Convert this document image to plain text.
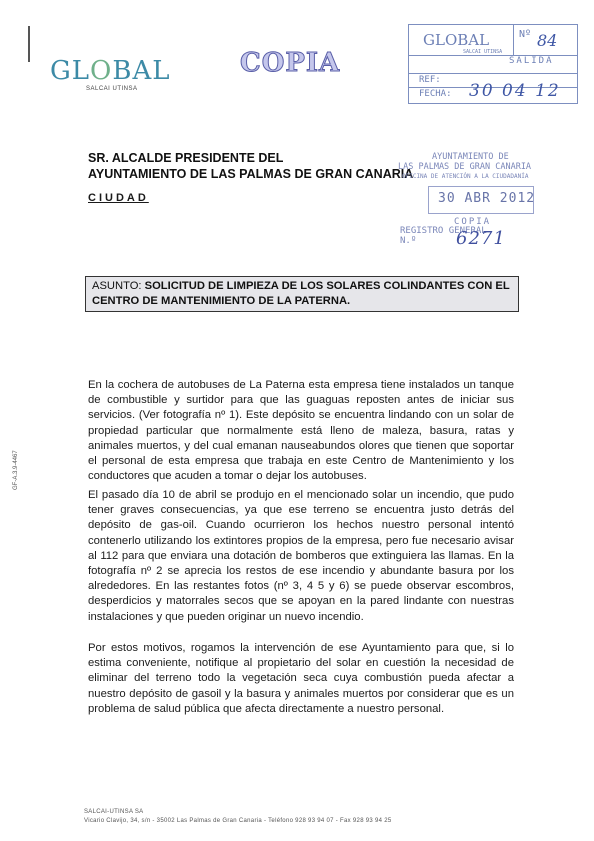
GLOBAL
SALCAI UTINSA
COPIA
GLOBAL
SALCAI UTINSA
Nº 84
SALIDA
REF:
FECHA: 30 04 12
SR. ALCALDE PRESIDENTE DEL
AYUNTAMIENTO DE LAS PALMAS DE GRAN CANARIA
CIUDAD
AYUNTAMIENTO DE
LAS PALMAS DE GRAN CANARIA
OFICINA DE ATENCIÓN A LA CIUDADANÍA
30 ABR 2012
COPIA
REGISTRO GENERAL
N.º 6271
ASUNTO: SOLICITUD DE LIMPIEZA DE LOS SOLARES COLINDANTES CON EL CENTRO DE MANTENIMIENTO DE LA PATERNA.
En la cochera de autobuses de La Paterna esta empresa tiene instalados un tanque de combustible y surtidor para que las guaguas reposten antes de iniciar sus servicios. (Ver fotografía nº 1). Este depósito se encuentra lindando con un solar de propiedad particular que normalmente está lleno de maleza, basura, ratas y animales muertos, y del cual emanan nauseabundos olores que tienen que soportar el personal de esta empresa que trabaja en este Centro de Mantenimiento y los conductores que acuden a tomar o dejar los autobuses.
El pasado día 10 de abril se produjo en el mencionado solar un incendio, que pudo tener graves consecuencias, ya que ese terreno se encuentra justo detrás del depósito de gas-oil. Cuando ocurrieron los hechos nuestro personal intentó contenerlo utilizando los extintores propios de la empresa, pero fue necesario avisar al 112 para que enviara una dotación de bomberos que extinguiera las llamas. En la fotografía nº 2 se aprecia los restos de ese incendio y abundante basura por los alrededores. En las restantes fotos (nº 3, 4 5 y 6) se puede observar escombros, desperdicios y matorrales secos que se apoyan en la pared lindante con nuestras instalaciones y que pueden originar un nuevo incendio.
Por estos motivos, rogamos la intervención de ese Ayuntamiento para que, si lo estima conveniente, notifique al propietario del solar en cuestión la necesidad de eliminar del terreno todo la vegetación seca cuya combustión pueda afectar a nuestro depósito de gasoil y la basura y animales muertos por considerar que es un problema de salud pública que afecta directamente a nuestro personal.
GF-A.3.9-4467
SALCAI-UTINSA SA
Vicario Clavijo, 34, s/n - 35002 Las Palmas de Gran Canaria - Teléfono 928 93 94 07 - Fax 928 93 94 25
